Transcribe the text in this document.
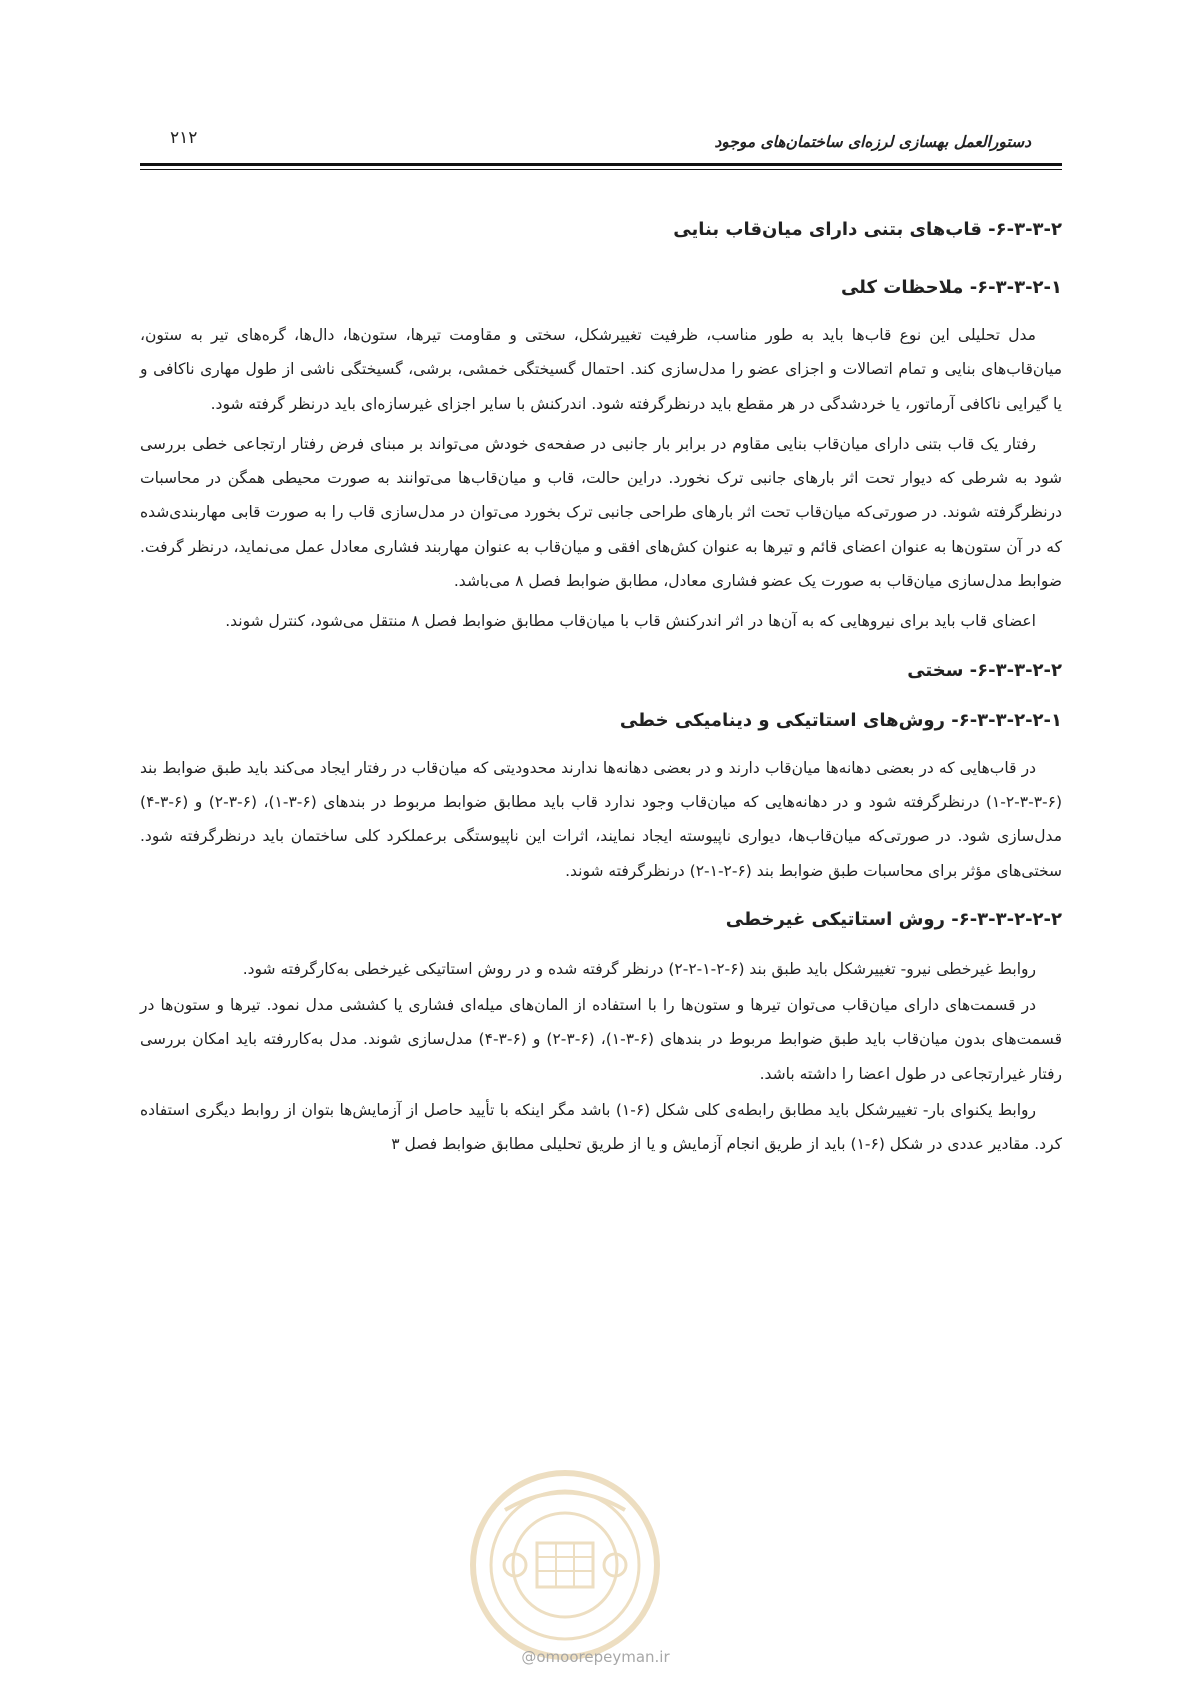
دستورالعمل بهسازی لرزه‌ای ساختمان‌های موجود
۲۱۲
۶-۳-۳-۲- قاب‌های بتنی دارای میان‌قاب بنایی
۶-۳-۳-۲-۱- ملاحظات کلی

مدل تحلیلی این نوع قاب‌ها باید به طور مناسب، ظرفیت تغییرشکل، سختی و مقاومت تیرها، ستون‌ها، دال‌ها، گره‌های تیر به ستون، میان‌قاب‌های بنایی و تمام اتصالات و اجزای عضو را مدل‌سازی کند. احتمال گسیختگی خمشی، برشی، گسیختگی ناشی از طول مهاری ناکافی و یا گیرایی ناکافی آرماتور، یا خردشدگی در هر مقطع باید درنظرگرفته شود. اندرکنش با سایر اجزای غیرسازه‌ای باید درنظر گرفته شود.

رفتار یک قاب بتنی دارای میان‌قاب بنایی مقاوم در برابر بار جانبی در صفحه‌ی خودش می‌تواند بر مبنای فرض رفتار ارتجاعی خطی بررسی شود به شرطی که دیوار تحت اثر بارهای جانبی ترک نخورد. دراین حالت، قاب و میان‌قاب‌ها می‌توانند به صورت محیطی همگن در محاسبات درنظرگرفته شوند. در صورتی‌که میان‌قاب تحت اثر بارهای طراحی جانبی ترک بخورد می‌توان در مدل‌سازی قاب را به صورت قابی مهاربندی‌شده که در آن ستون‌ها به عنوان اعضای قائم و تیرها به عنوان کش‌های افقی و میان‌قاب به عنوان مهاربند فشاری معادل عمل می‌نماید، درنظر گرفت. ضوابط مدل‌سازی میان‌قاب به صورت یک عضو فشاری معادل، مطابق ضوابط فصل ۸ می‌باشد.

اعضای قاب باید برای نیروهایی که به آن‌ها در اثر اندرکنش قاب با میان‌قاب مطابق ضوابط فصل ۸ منتقل می‌شود، کنترل شوند.

۶-۳-۳-۲-۲- سختی
۶-۳-۳-۲-۲-۱- روش‌های استاتیکی و دینامیکی خطی

در قاب‌هایی که در بعضی دهانه‌ها میان‌قاب دارند و در بعضی دهانه‌ها ندارند محدودیتی که میان‌قاب در رفتار ایجاد می‌کند باید طبق ضوابط بند (۶-۳-۳-۲-۱) درنظرگرفته شود و در دهانه‌هایی که میان‌قاب وجود ندارد قاب باید مطابق ضوابط مربوط در بندهای (۶-۳-۱)، (۶-۳-۲) و (۶-۳-۴) مدل‌سازی شود. در صورتی‌که میان‌قاب‌ها، دیواری ناپیوسته ایجاد نمایند، اثرات این ناپیوستگی برعملکرد کلی ساختمان باید درنظرگرفته شود. سختی‌های مؤثر برای محاسبات طبق ضوابط بند (۶-۲-۱-۲) درنظرگرفته شوند.

۶-۳-۳-۲-۲-۲- روش استاتیکی غیرخطی

روابط غیرخطی نیرو- تغییرشکل باید طبق بند (۶-۲-۱-۲-۲) درنظر گرفته شده و در روش استاتیکی غیرخطی به‌کارگرفته شود.

در قسمت‌های دارای میان‌قاب می‌توان تیرها و ستون‌ها را با استفاده از المان‌های میله‌ای فشاری یا کششی مدل نمود. تیرها و ستون‌ها در قسمت‌های بدون میان‌قاب باید طبق ضوابط مربوط در بندهای (۶-۳-۱)، (۶-۳-۲) و (۶-۳-۴) مدل‌سازی شوند. مدل به‌کاررفته باید امکان بررسی رفتار غیرارتجاعی در طول اعضا را داشته باشد.

روابط یکنوای بار- تغییرشکل باید مطابق رابطه‌ی کلی شکل (۶-۱) باشد مگر اینکه با تأیید حاصل از آزمایش‌ها بتوان از روابط دیگری استفاده کرد. مقادیر عددی در شکل (۶-۱) باید از طریق انجام آزمایش و یا از طریق تحلیلی مطابق ضوابط فصل ۳

@omoorepeyman.ir
